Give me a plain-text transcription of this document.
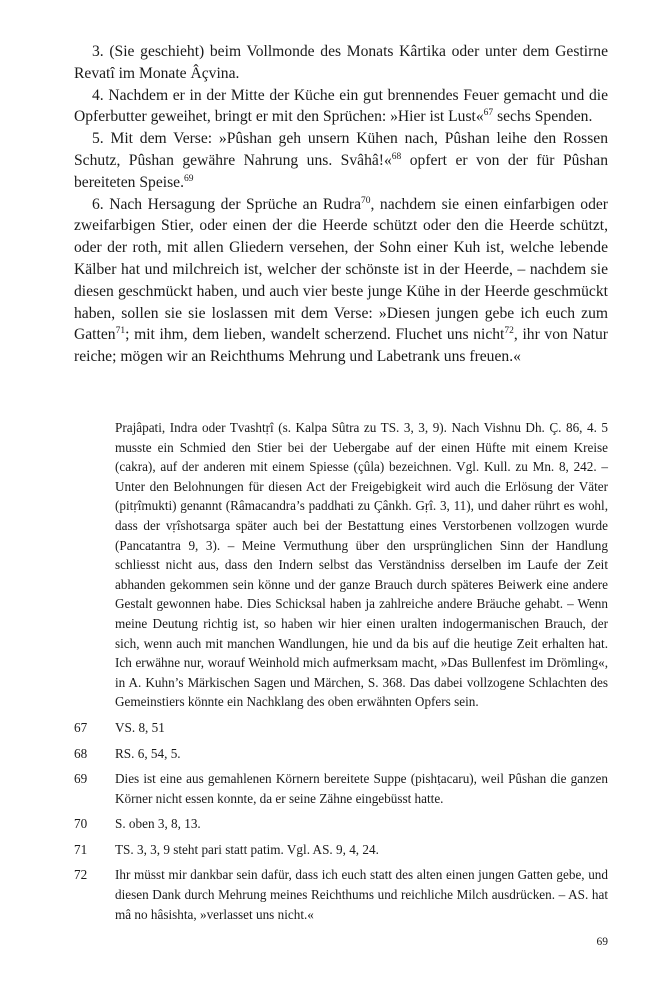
3. (Sie geschieht) beim Vollmonde des Monats Kârtika oder unter dem Gestirne Revatî im Monate Âçvina.

4. Nachdem er in der Mitte der Küche ein gut brennendes Feuer gemacht und die Opferbutter geweihet, bringt er mit den Sprüchen: »Hier ist Lust«$^{67}$ sechs Spenden.

5. Mit dem Verse: »Pûshan geh unsern Kühen nach, Pûshan leihe den Rossen Schutz, Pûshan gewähre Nahrung uns. Svâhâ!«$^{68}$ opfert er von der für Pûshan bereiteten Speise.$^{69}$

6. Nach Hersagung der Sprüche an Rudra$^{70}$, nachdem sie einen einfarbigen oder zweifarbigen Stier, oder einen der die Heerde schützt oder den die Heerde schützt, oder der roth, mit allen Gliedern versehen, der Sohn einer Kuh ist, welche lebende Kälber hat und milchreich ist, welcher der schönste ist in der Heerde, – nachdem sie diesen geschmückt haben, und auch vier beste junge Kühe in der Heerde geschmückt haben, sollen sie sie loslassen mit dem Verse: »Diesen jungen gebe ich euch zum Gatten$^{71}$; mit ihm, dem lieben, wandelt scherzend. Fluchet uns nicht$^{72}$, ihr von Natur reiche; mögen wir an Reichthums Mehrung und Labetrank uns freuen.«

Prajâpati, Indra oder Tvashtṛî (s. Kalpa Sûtra zu TS. 3, 3, 9). Nach Vishnu Dh. Ç. 86, 4. 5 musste ein Schmied den Stier bei der Uebergabe auf der einen Hüfte mit einem Kreise (cakra), auf der anderen mit einem Spiesse (çûla) bezeichnen. Vgl. Kull. zu Mn. 8, 242. – Unter den Belohnungen für diesen Act der Freigebigkeit wird auch die Erlösung der Väter (pitṛîmukti) genannt (Râmacandra’s paddhati zu Çânkh. Gṛî. 3, 11), und daher rührt es wohl, dass der vṛîshotsarga später auch bei der Bestattung eines Verstorbenen vollzogen wurde (Pancatantra 9, 3). – Meine Vermuthung über den ursprünglichen Sinn der Handlung schliesst nicht aus, dass den Indern selbst das Verständniss derselben im Laufe der Zeit abhanden gekommen sein könne und der ganze Brauch durch späteres Beiwerk eine andere Gestalt gewonnen habe. Dies Schicksal haben ja zahlreiche andere Bräuche gehabt. – Wenn meine Deutung richtig ist, so haben wir hier einen uralten indogermanischen Brauch, der sich, wenn auch mit manchen Wandlungen, hie und da bis auf die heutige Zeit erhalten hat. Ich erwähne nur, worauf Weinhold mich aufmerksam macht, »Das Bullenfest im Drömling«, in A. Kuhn’s Märkischen Sagen und Märchen, S. 368. Das dabei vollzogene Schlachten des Gemeinstiers könnte ein Nachklang des oben erwähnten Opfers sein.
67	VS. 8, 51
68	RS. 6, 54, 5.
69	Dies ist eine aus gemahlenen Körnern bereitete Suppe (pishṭacaru), weil Pûshan die ganzen Körner nicht essen konnte, da er seine Zähne eingebüsst hatte.
70	S. oben 3, 8, 13.
71	TS. 3, 3, 9 steht pari statt patim. Vgl. AS. 9, 4, 24.
72	Ihr müsst mir dankbar sein dafür, dass ich euch statt des alten einen jungen Gatten gebe, und diesen Dank durch Mehrung meines Reichthums und reichliche Milch ausdrücken. – AS. hat mâ no hâsishta, »verlasset uns nicht.«
69
